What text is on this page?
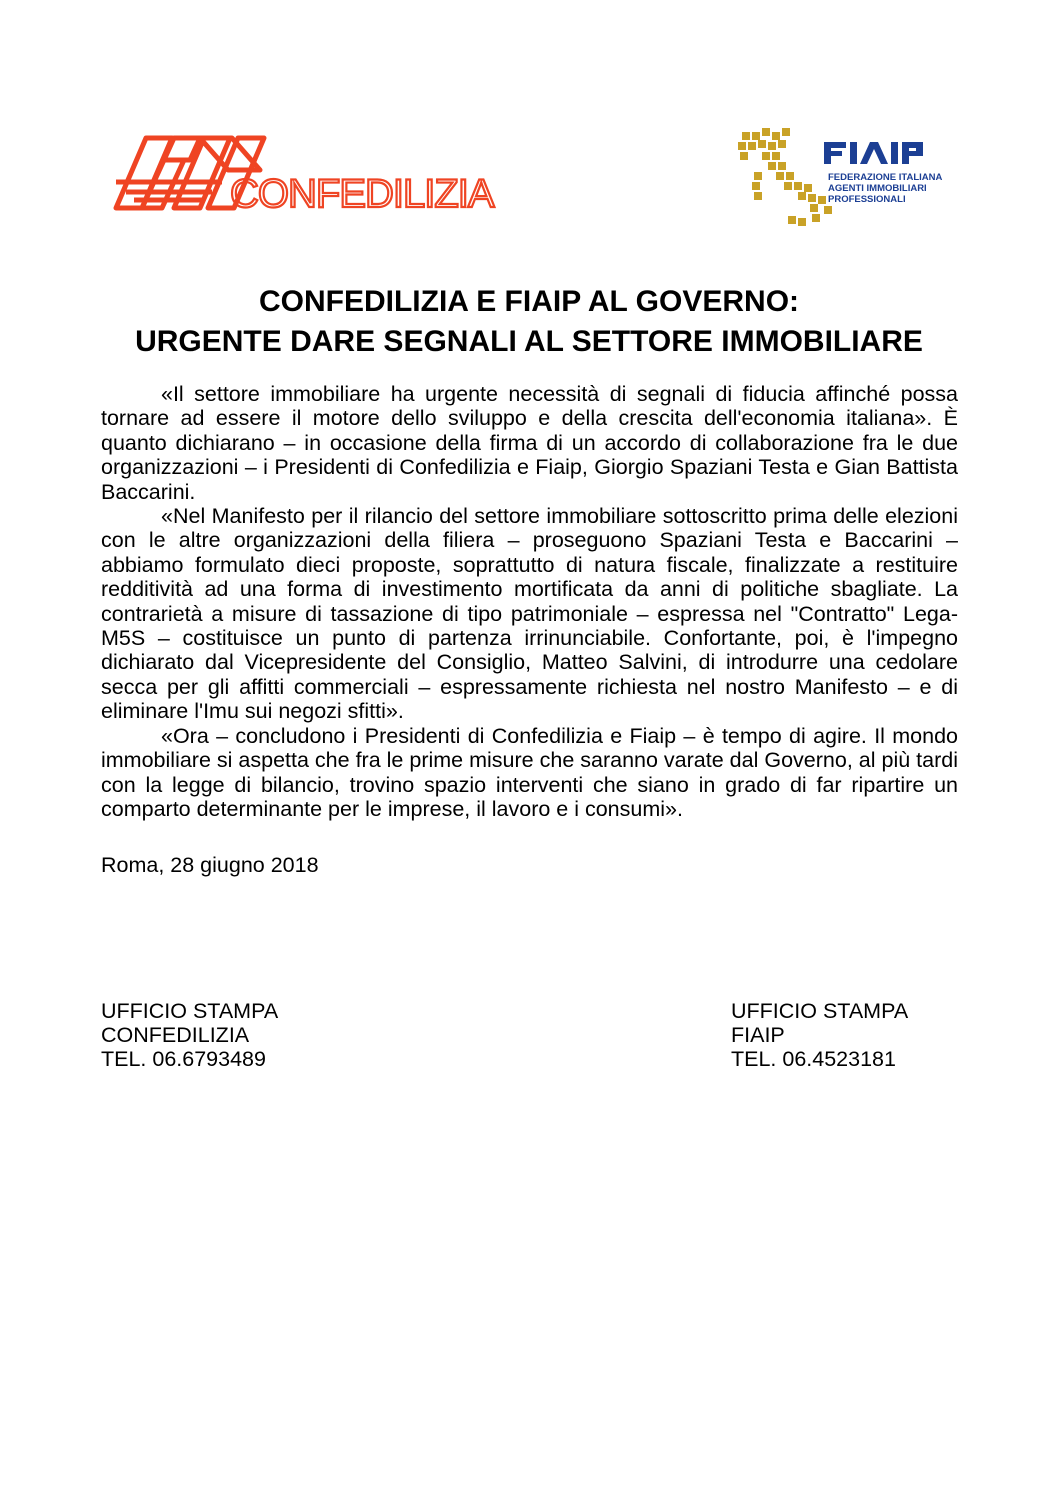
CONFEDILIZIA	FEDERAZIONE ITALIANA
AGENTI IMMOBILIARI
PROFESSIONALI
CONFEDILIZIA E FIAIP AL GOVERNO:
URGENTE DARE SEGNALI AL SETTORE IMMOBILIARE

«Il settore immobiliare ha urgente necessità di segnali di fiducia affinché possa tornare ad essere il motore dello sviluppo e della crescita dell'economia italiana». È quanto dichiarano – in occasione della firma di un accordo di collaborazione fra le due organizzazioni – i Presidenti di Confedilizia e Fiaip, Giorgio Spaziani Testa e Gian Battista Baccarini.

«Nel Manifesto per il rilancio del settore immobiliare sottoscritto prima delle elezioni con le altre organizzazioni della filiera – proseguono Spaziani Testa e Baccarini – abbiamo formulato dieci proposte, soprattutto di natura fiscale, finalizzate a restituire redditività ad una forma di investimento mortificata da anni di politiche sbagliate. La contrarietà a misure di tassazione di tipo patrimoniale – espressa nel "Contratto" Lega-M5S – costituisce un punto di partenza irrinunciabile. Confortante, poi, è l'impegno dichiarato dal Vicepresidente del Consiglio, Matteo Salvini, di introdurre una cedolare secca per gli affitti commerciali – espressamente richiesta nel nostro Manifesto – e di eliminare l'Imu sui negozi sfitti».

«Ora – concludono i Presidenti di Confedilizia e Fiaip – è tempo di agire. Il mondo immobiliare si aspetta che fra le prime misure che saranno varate dal Governo, al più tardi con la legge di bilancio, trovino spazio interventi che siano in grado di far ripartire un comparto determinante per le imprese, il lavoro e i consumi».

Roma, 28 giugno 2018
UFFICIO STAMPA
CONFEDILIZIA
TEL. 06.6793489
UFFICIO STAMPA
FIAIP
TEL. 06.4523181
